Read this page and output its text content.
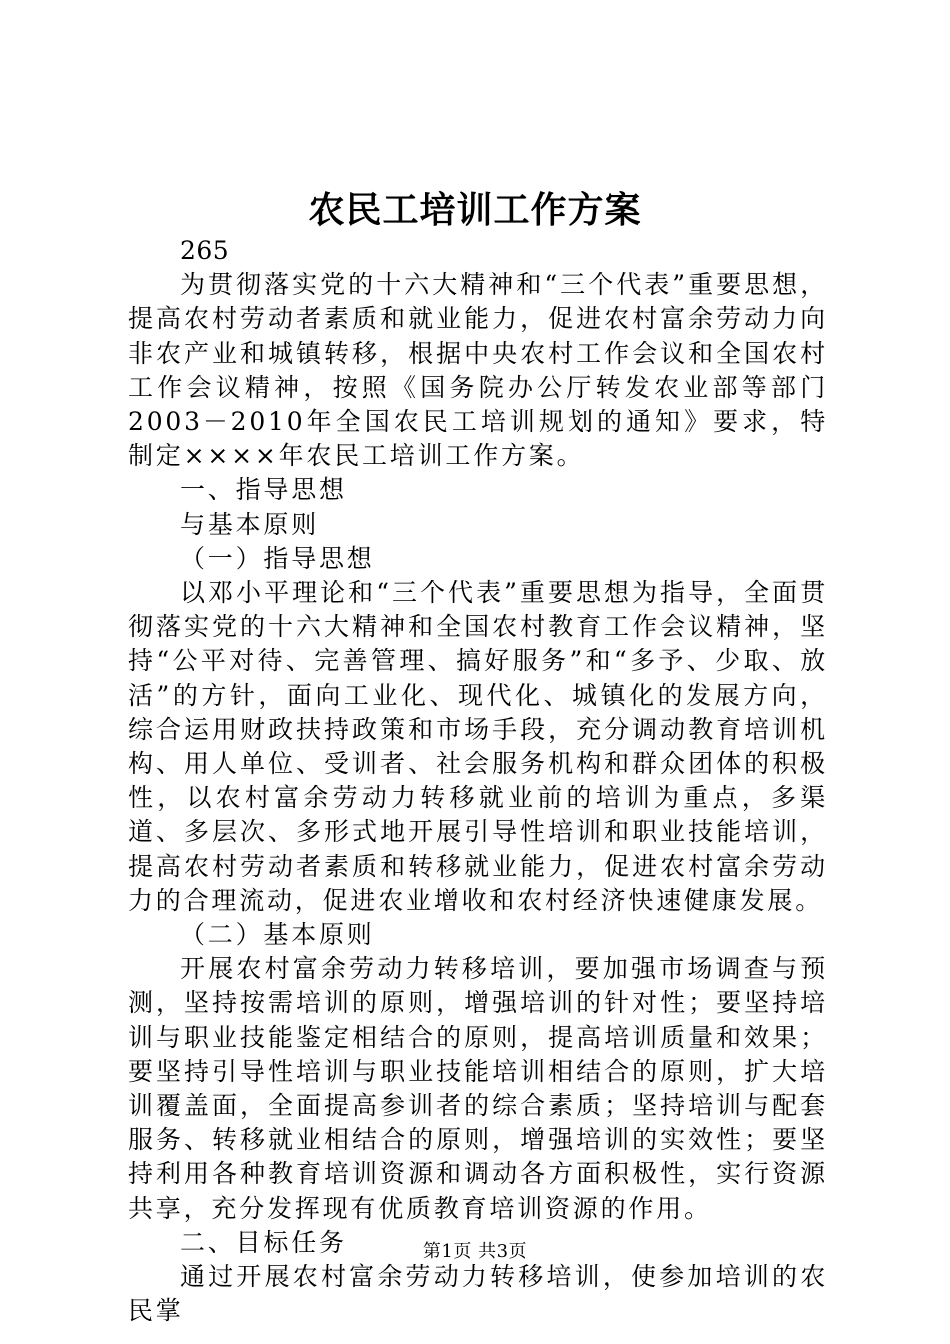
农民工培训工作方案

265

为贯彻落实党的十六大精神和“三个代表”重要思想，提高农村劳动者素质和就业能力，促进农村富余劳动力向非农产业和城镇转移，根据中央农村工作会议和全国农村工作会议精神，按照《国务院办公厅转发农业部等部门2003－2010年全国农民工培训规划的通知》要求，特制定××××年农民工培训工作方案。

一、指导思想

与基本原则

（一）指导思想

以邓小平理论和“三个代表”重要思想为指导，全面贯彻落实党的十六大精神和全国农村教育工作会议精神，坚持“公平对待、完善管理、搞好服务”和“多予、少取、放活”的方针，面向工业化、现代化、城镇化的发展方向，综合运用财政扶持政策和市场手段，充分调动教育培训机构、用人单位、受训者、社会服务机构和群众团体的积极性，以农村富余劳动力转移就业前的培训为重点，多渠道、多层次、多形式地开展引导性培训和职业技能培训，提高农村劳动者素质和转移就业能力，促进农村富余劳动力的合理流动，促进农业增收和农村经济快速健康发展。

（二）基本原则

开展农村富余劳动力转移培训，要加强市场调查与预测，坚持按需培训的原则，增强培训的针对性；要坚持培训与职业技能鉴定相结合的原则，提高培训质量和效果；要坚持引导性培训与职业技能培训相结合的原则，扩大培训覆盖面，全面提高参训者的综合素质；坚持培训与配套服务、转移就业相结合的原则，增强培训的实效性；要坚持利用各种教育培训资源和调动各方面积极性，实行资源共享，充分发挥现有优质教育培训资源的作用。

二、目标任务

通过开展农村富余劳动力转移培训，使参加培训的农民掌

第1页 共3页
